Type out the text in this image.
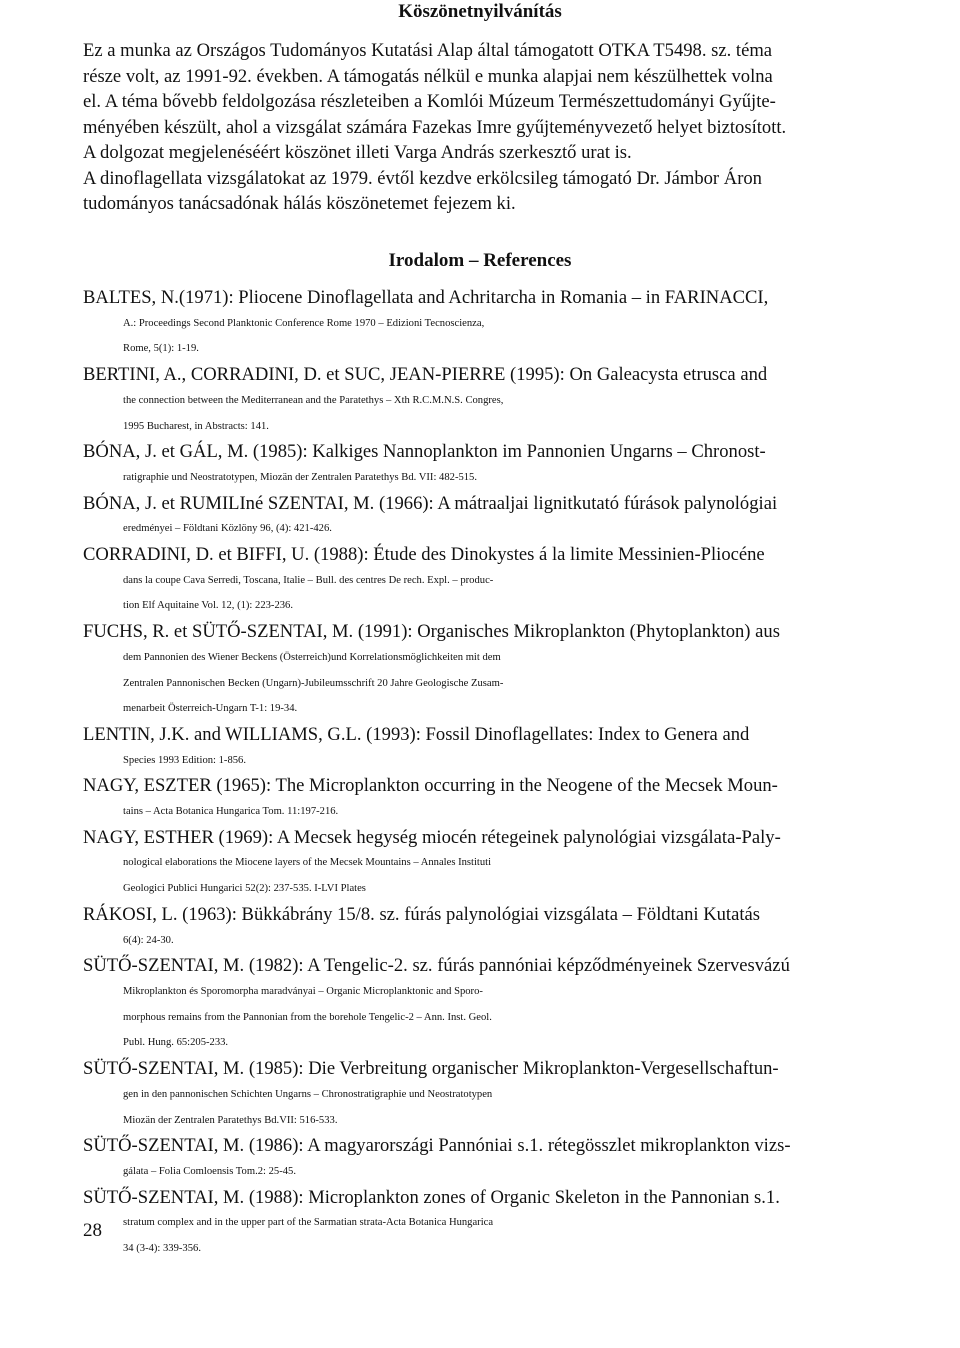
Köszönetnyilvánítás
Ez a munka az Országos Tudományos Kutatási Alap által támogatott OTKA T5498. sz. téma
része volt, az 1991-92. években. A támogatás nélkül e munka alapjai nem készülhettek volna
el. A téma bővebb feldolgozása részleteiben a Komlói Múzeum Természettudományi Gyűjte-
ményében készült, ahol a vizsgálat számára Fazekas Imre gyűjteményvezető helyet biztosított.
A dolgozat megjelenéséért köszönet illeti Varga András szerkesztő urat is.
A dinoflagellata vizsgálatokat az 1979. évtől kezdve erkölcsileg támogató Dr. Jámbor Áron
tudományos tanácsadónak hálás köszönetemet fejezem ki.
Irodalom – References
BALTES, N.(1971): Pliocene Dinoflagellata and Achritarcha in Romania – in FARINACCI,
A.: Proceedings Second Planktonic Conference Rome 1970 – Edizioni Tecnoscienza,
Rome, 5(1): 1-19.
BERTINI, A., CORRADINI, D. et SUC, JEAN-PIERRE (1995): On Galeacysta etrusca and
the connection between the Mediterranean and the Paratethys – Xth R.C.M.N.S. Congres,
1995 Bucharest, in Abstracts: 141.
BÓNA, J. et GÁL, M. (1985): Kalkiges Nannoplankton im Pannonien Ungarns – Chronost-
ratigraphie und Neostratotypen, Miozän der Zentralen Paratethys Bd. VII: 482-515.
BÓNA, J. et RUMILIné SZENTAI, M. (1966): A mátraaljai lignitkutató fúrások palynológiai
eredményei – Földtani Közlöny 96, (4): 421-426.
CORRADINI, D. et BIFFI, U. (1988): Étude des Dinokystes á la limite Messinien-Pliocéne
dans la coupe Cava Serredi, Toscana, Italie – Bull. des centres De rech. Expl. – produc-
tion Elf Aquitaine Vol. 12, (1): 223-236.
FUCHS, R. et SÜTŐ-SZENTAI, M. (1991): Organisches Mikroplankton (Phytoplankton) aus
dem Pannonien des Wiener Beckens (Österreich)und Korrelationsmöglichkeiten mit dem
Zentralen Pannonischen Becken (Ungarn)-Jubileumsschrift 20 Jahre Geologische Zusam-
menarbeit Österreich-Ungarn T-1: 19-34.
LENTIN, J.K. and WILLIAMS, G.L. (1993): Fossil Dinoflagellates: Index to Genera and
Species 1993 Edition: 1-856.
NAGY, ESZTER (1965): The Microplankton occurring in the Neogene of the Mecsek Moun-
tains – Acta Botanica Hungarica Tom. 11:197-216.
NAGY, ESTHER (1969): A Mecsek hegység miocén rétegeinek palynológiai vizsgálata-Paly-
nological elaborations the Miocene layers of the Mecsek Mountains – Annales Instituti
Geologici Publici Hungarici 52(2): 237-535. I-LVI Plates
RÁKOSI, L. (1963): Bükkábrány 15/8. sz. fúrás palynológiai vizsgálata – Földtani Kutatás
6(4): 24-30.
SÜTŐ-SZENTAI, M. (1982): A Tengelic-2. sz. fúrás pannóniai képződményeinek Szervesvázú
Mikroplankton és Sporomorpha maradványai – Organic Microplanktonic and Sporo-
morphous remains from the Pannonian from the borehole Tengelic-2 – Ann. Inst. Geol.
Publ. Hung. 65:205-233.
SÜTŐ-SZENTAI, M. (1985): Die Verbreitung organischer Mikroplankton-Vergesellschaftun-
gen in den pannonischen Schichten Ungarns – Chronostratigraphie und Neostratotypen
Miozän der Zentralen Paratethys Bd.VII: 516-533.
SÜTŐ-SZENTAI, M. (1986): A magyarországi Pannóniai s.1. rétegösszlet mikroplankton vizs-
gálata – Folia Comloensis Tom.2: 25-45.
SÜTŐ-SZENTAI, M. (1988): Microplankton zones of Organic Skeleton in the Pannonian s.1.
stratum complex and in the upper part of the Sarmatian strata-Acta Botanica Hungarica
34 (3-4): 339-356.
28
